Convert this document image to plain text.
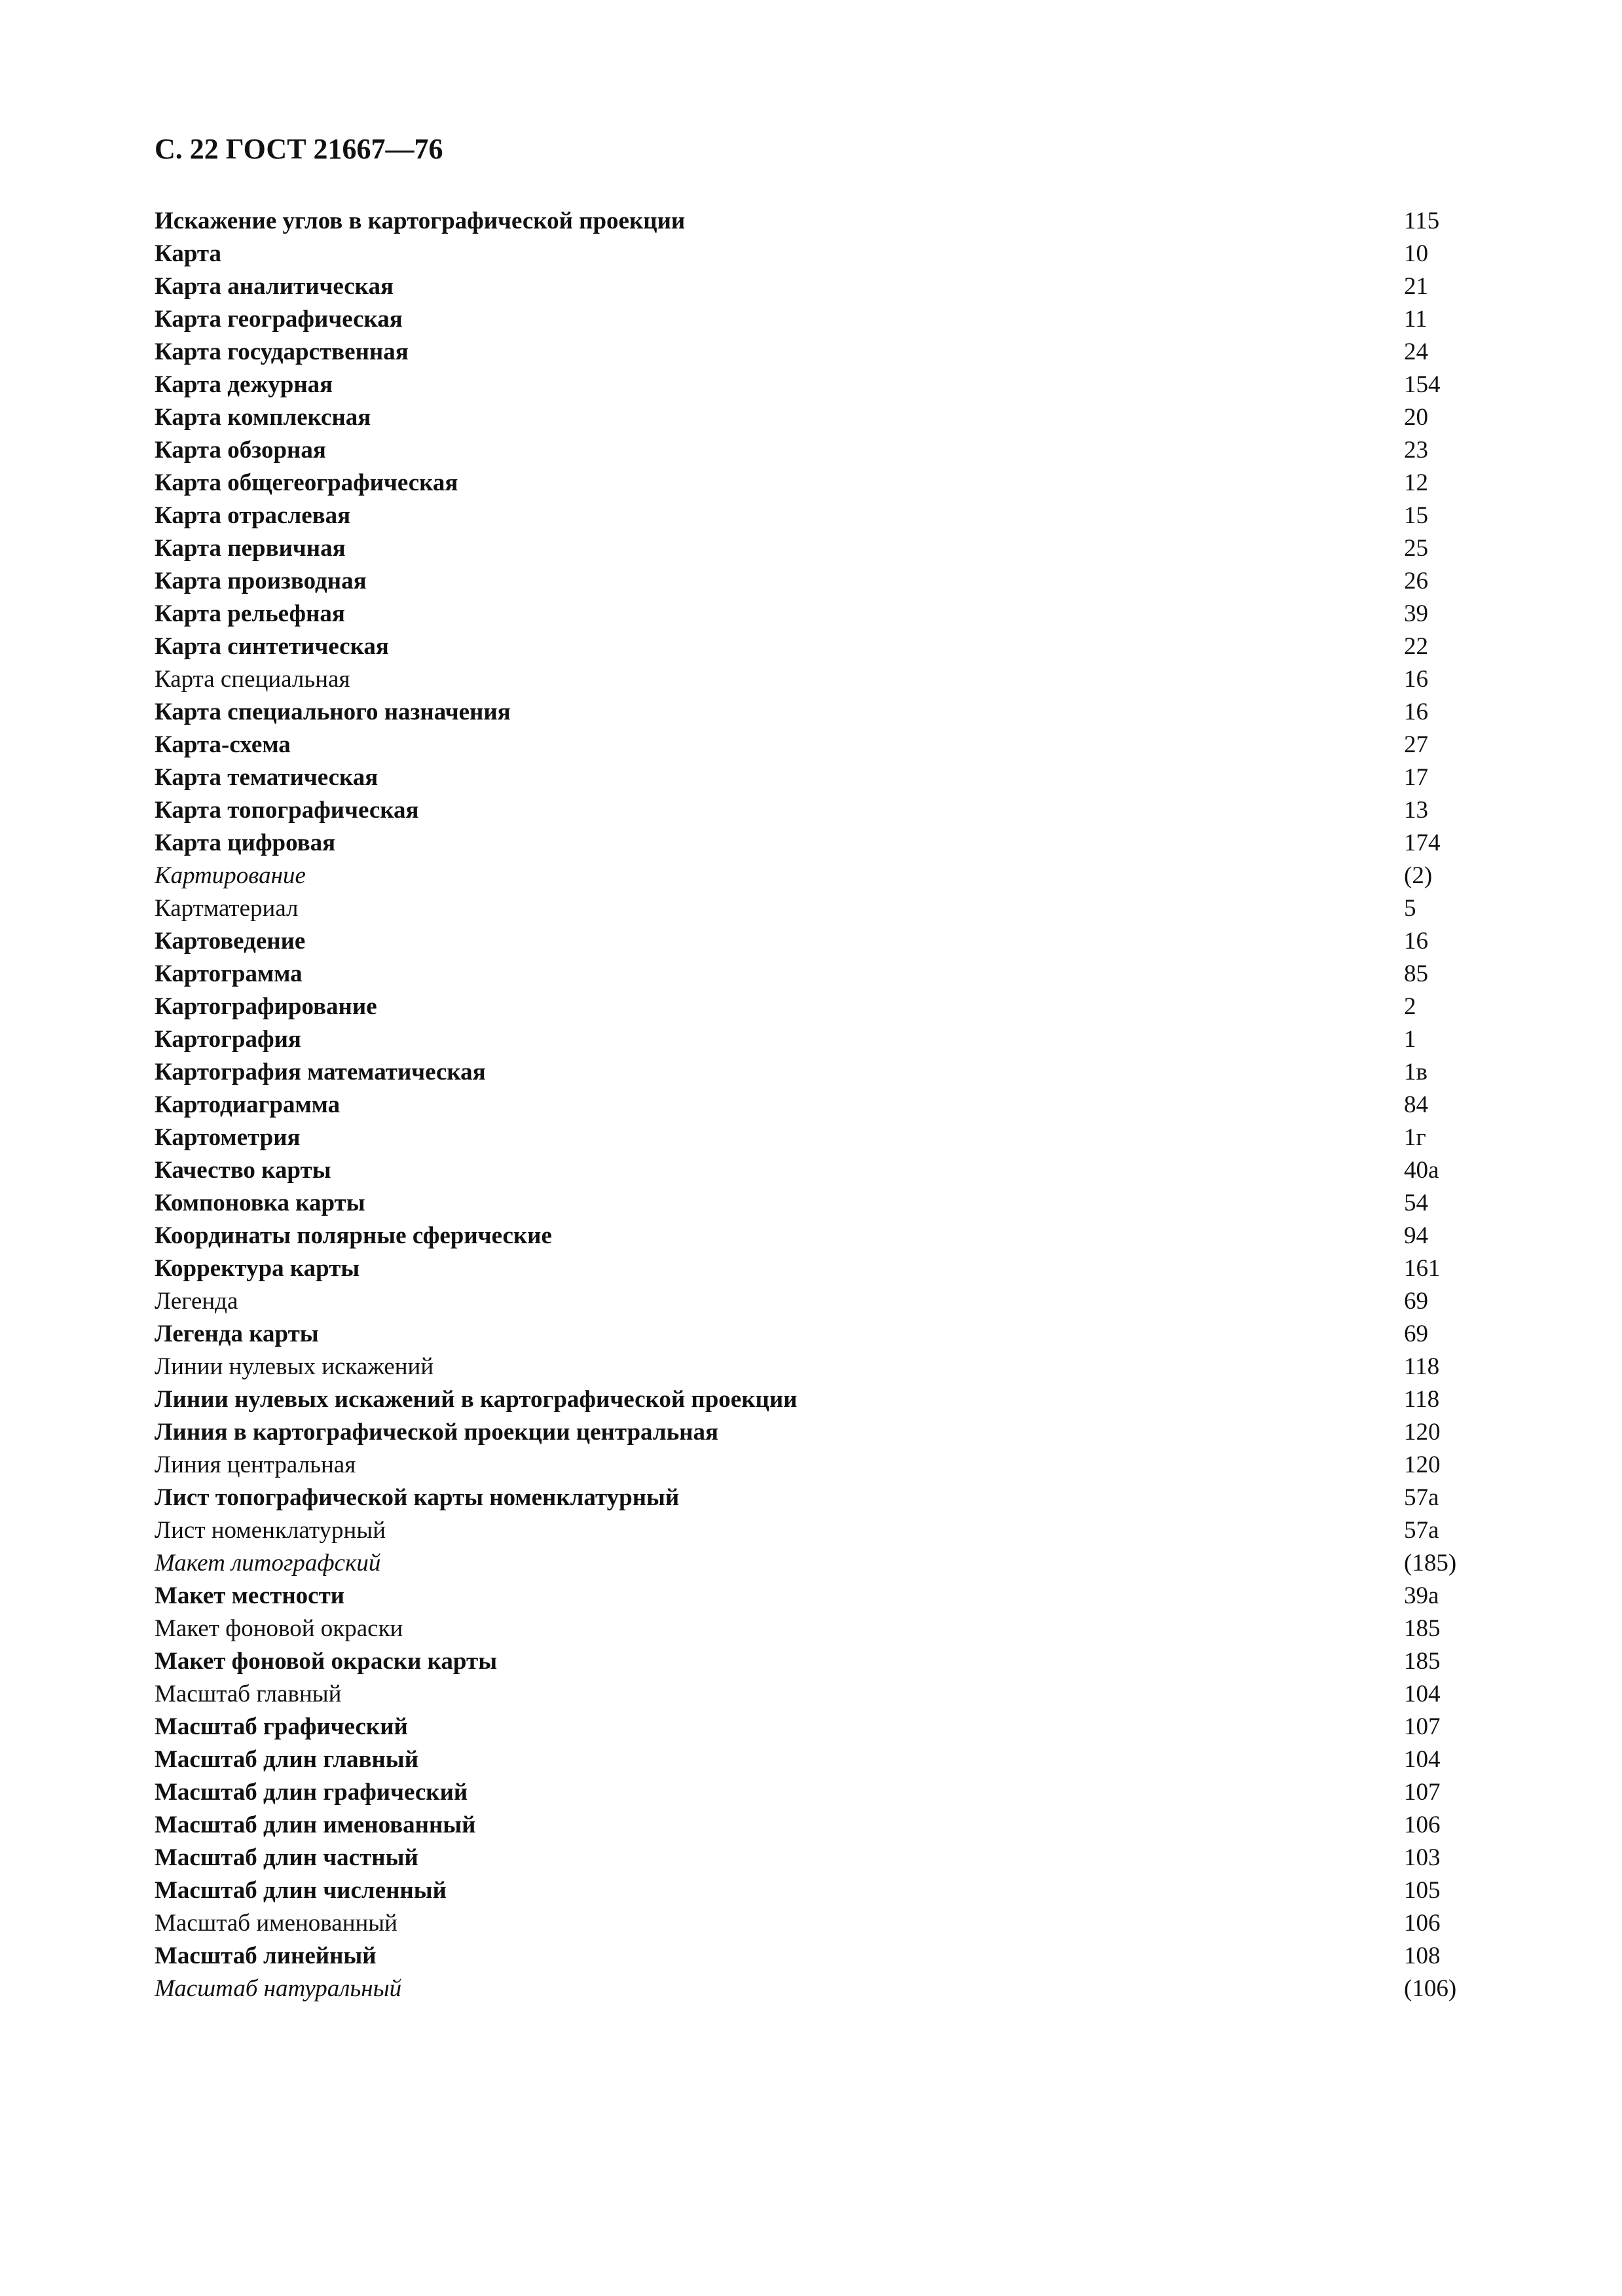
С. 22 ГОСТ 21667—76
Искажение углов в картографической проекции	115
Карта	10
Карта аналитическая	21
Карта географическая	11
Карта государственная	24
Карта дежурная	154
Карта комплексная	20
Карта обзорная	23
Карта общегеографическая	12
Карта отраслевая	15
Карта первичная	25
Карта производная	26
Карта рельефная	39
Карта синтетическая	22
Карта специальная	16
Карта специального назначения	16
Карта-схема	27
Карта тематическая	17
Карта топографическая	13
Карта цифровая	174
Картирование	(2)
Картматериал	5
Картоведение	16
Картограмма	85
Картографирование	2
Картография	1
Картография математическая	1в
Картодиаграмма	84
Картометрия	1г
Качество карты	40а
Компоновка карты	54
Координаты полярные сферические	94
Корректура карты	161
Легенда	69
Легенда карты	69
Линии нулевых искажений	118
Линии нулевых искажений в картографической проекции	118
Линия в картографической проекции центральная	120
Линия центральная	120
Лист топографической карты номенклатурный	57а
Лист номенклатурный	57а
Макет литографский	(185)
Макет местности	39а
Макет фоновой окраски	185
Макет фоновой окраски карты	185
Масштаб главный	104
Масштаб графический	107
Масштаб длин главный	104
Масштаб длин графический	107
Масштаб длин именованный	106
Масштаб длин частный	103
Масштаб длин численный	105
Масштаб именованный	106
Масштаб линейный	108
Масштаб натуральный	(106)
